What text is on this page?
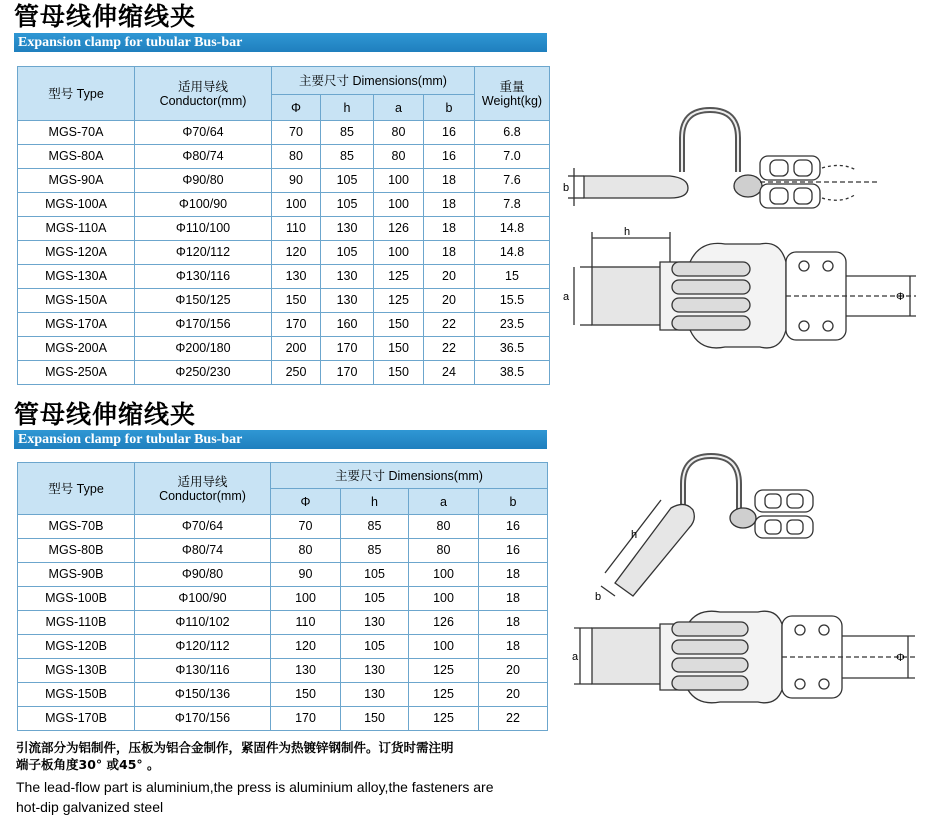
管母线伸缩线夹
Expansion clamp for tubular Bus-bar
型号 Type	适用导线
Conductor(mm)	主要尺寸 Dimensions(mm)				重量
Weight(kg)
		Φ	h	a	b	
MGS-70A	Φ70/64	70	85	80	16	6.8
MGS-80A	Φ80/74	80	85	80	16	7.0
MGS-90A	Φ90/80	90	105	100	18	7.6
MGS-100A	Φ100/90	100	105	100	18	7.8
MGS-110A	Φ110/100	110	130	126	18	14.8
MGS-120A	Φ120/112	120	105	100	18	14.8
MGS-130A	Φ130/116	130	130	125	20	15
MGS-150A	Φ150/125	150	130	125	20	15.5
MGS-170A	Φ170/156	170	160	150	22	23.5
MGS-200A	Φ200/180	200	170	150	22	36.5
MGS-250A	Φ250/230	250	170	150	24	38.5
b
h
a	Φ
管母线伸缩线夹
Expansion clamp for tubular Bus-bar
型号 Type	适用导线
Conductor(mm)	主要尺寸 Dimensions(mm)			
		Φ	h	a	b
MGS-70B	Φ70/64	70	85	80	16
MGS-80B	Φ80/74	80	85	80	16
MGS-90B	Φ90/80	90	105	100	18
MGS-100B	Φ100/90	100	105	100	18
MGS-110B	Φ110/102	110	130	126	18
MGS-120B	Φ120/112	120	105	100	18
MGS-130B	Φ130/116	130	130	125	20
MGS-150B	Φ150/136	150	130	125	20
MGS-170B	Φ170/156	170	150	125	22
h
b
a	Φ
引流部分为铝制件，压板为铝合金制作，紧固件为热镀锌钢制件。订货时需注明
端子板角度30° 或45° 。
The lead-flow part is aluminium,the press is aluminium alloy,the fasteners are
hot-dip galvanized steel
